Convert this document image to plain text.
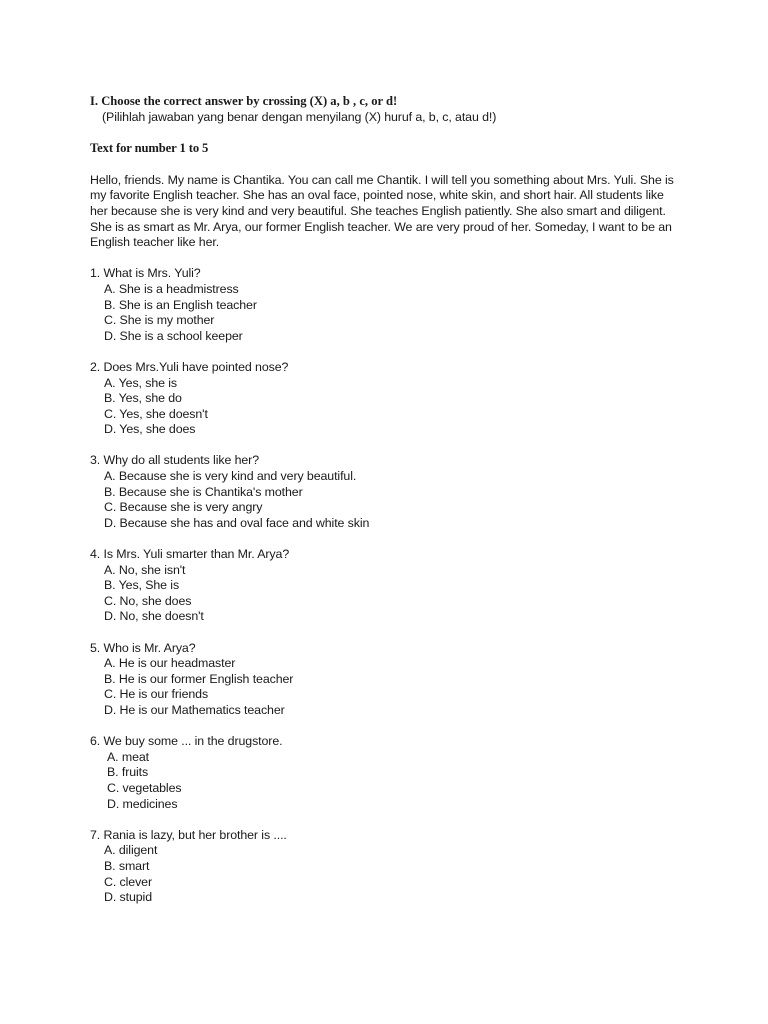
I. Choose the correct answer by crossing (X) a, b , c, or d!
(Pilihlah jawaban yang benar dengan menyilang (X) huruf a, b, c, atau d!)
Text for number 1 to 5
Hello, friends. My name is Chantika. You can call me Chantik. I will tell you something about Mrs. Yuli. She is my favorite English teacher. She has an oval face, pointed nose, white skin, and short hair. All students like her because she is very kind and very beautiful. She teaches English patiently. She also smart and diligent. She is as smart as Mr. Arya, our former English teacher. We are very proud of her. Someday, I want to be an English teacher like her.
1. What is Mrs. Yuli?
A. She is a headmistress
B. She is an English teacher
C. She is my mother
D. She is a school keeper
2. Does Mrs.Yuli have pointed nose?
A. Yes, she is
B. Yes, she do
C. Yes, she doesn't
D. Yes, she does
3. Why do all students like her?
A. Because she is very kind and very beautiful.
B. Because she is Chantika's mother
C. Because she is very angry
D. Because she has and oval face and white skin
4. Is Mrs. Yuli smarter than Mr. Arya?
A. No, she isn't
B. Yes, She is
C. No, she does
D. No, she doesn't
5. Who is Mr. Arya?
A. He is our headmaster
B. He is our former English teacher
C. He is our friends
D. He is our Mathematics teacher
6. We buy some ... in the drugstore.
A. meat
B. fruits
C. vegetables
D. medicines
7. Rania is lazy, but her brother is ....
A. diligent
B. smart
C. clever
D. stupid
